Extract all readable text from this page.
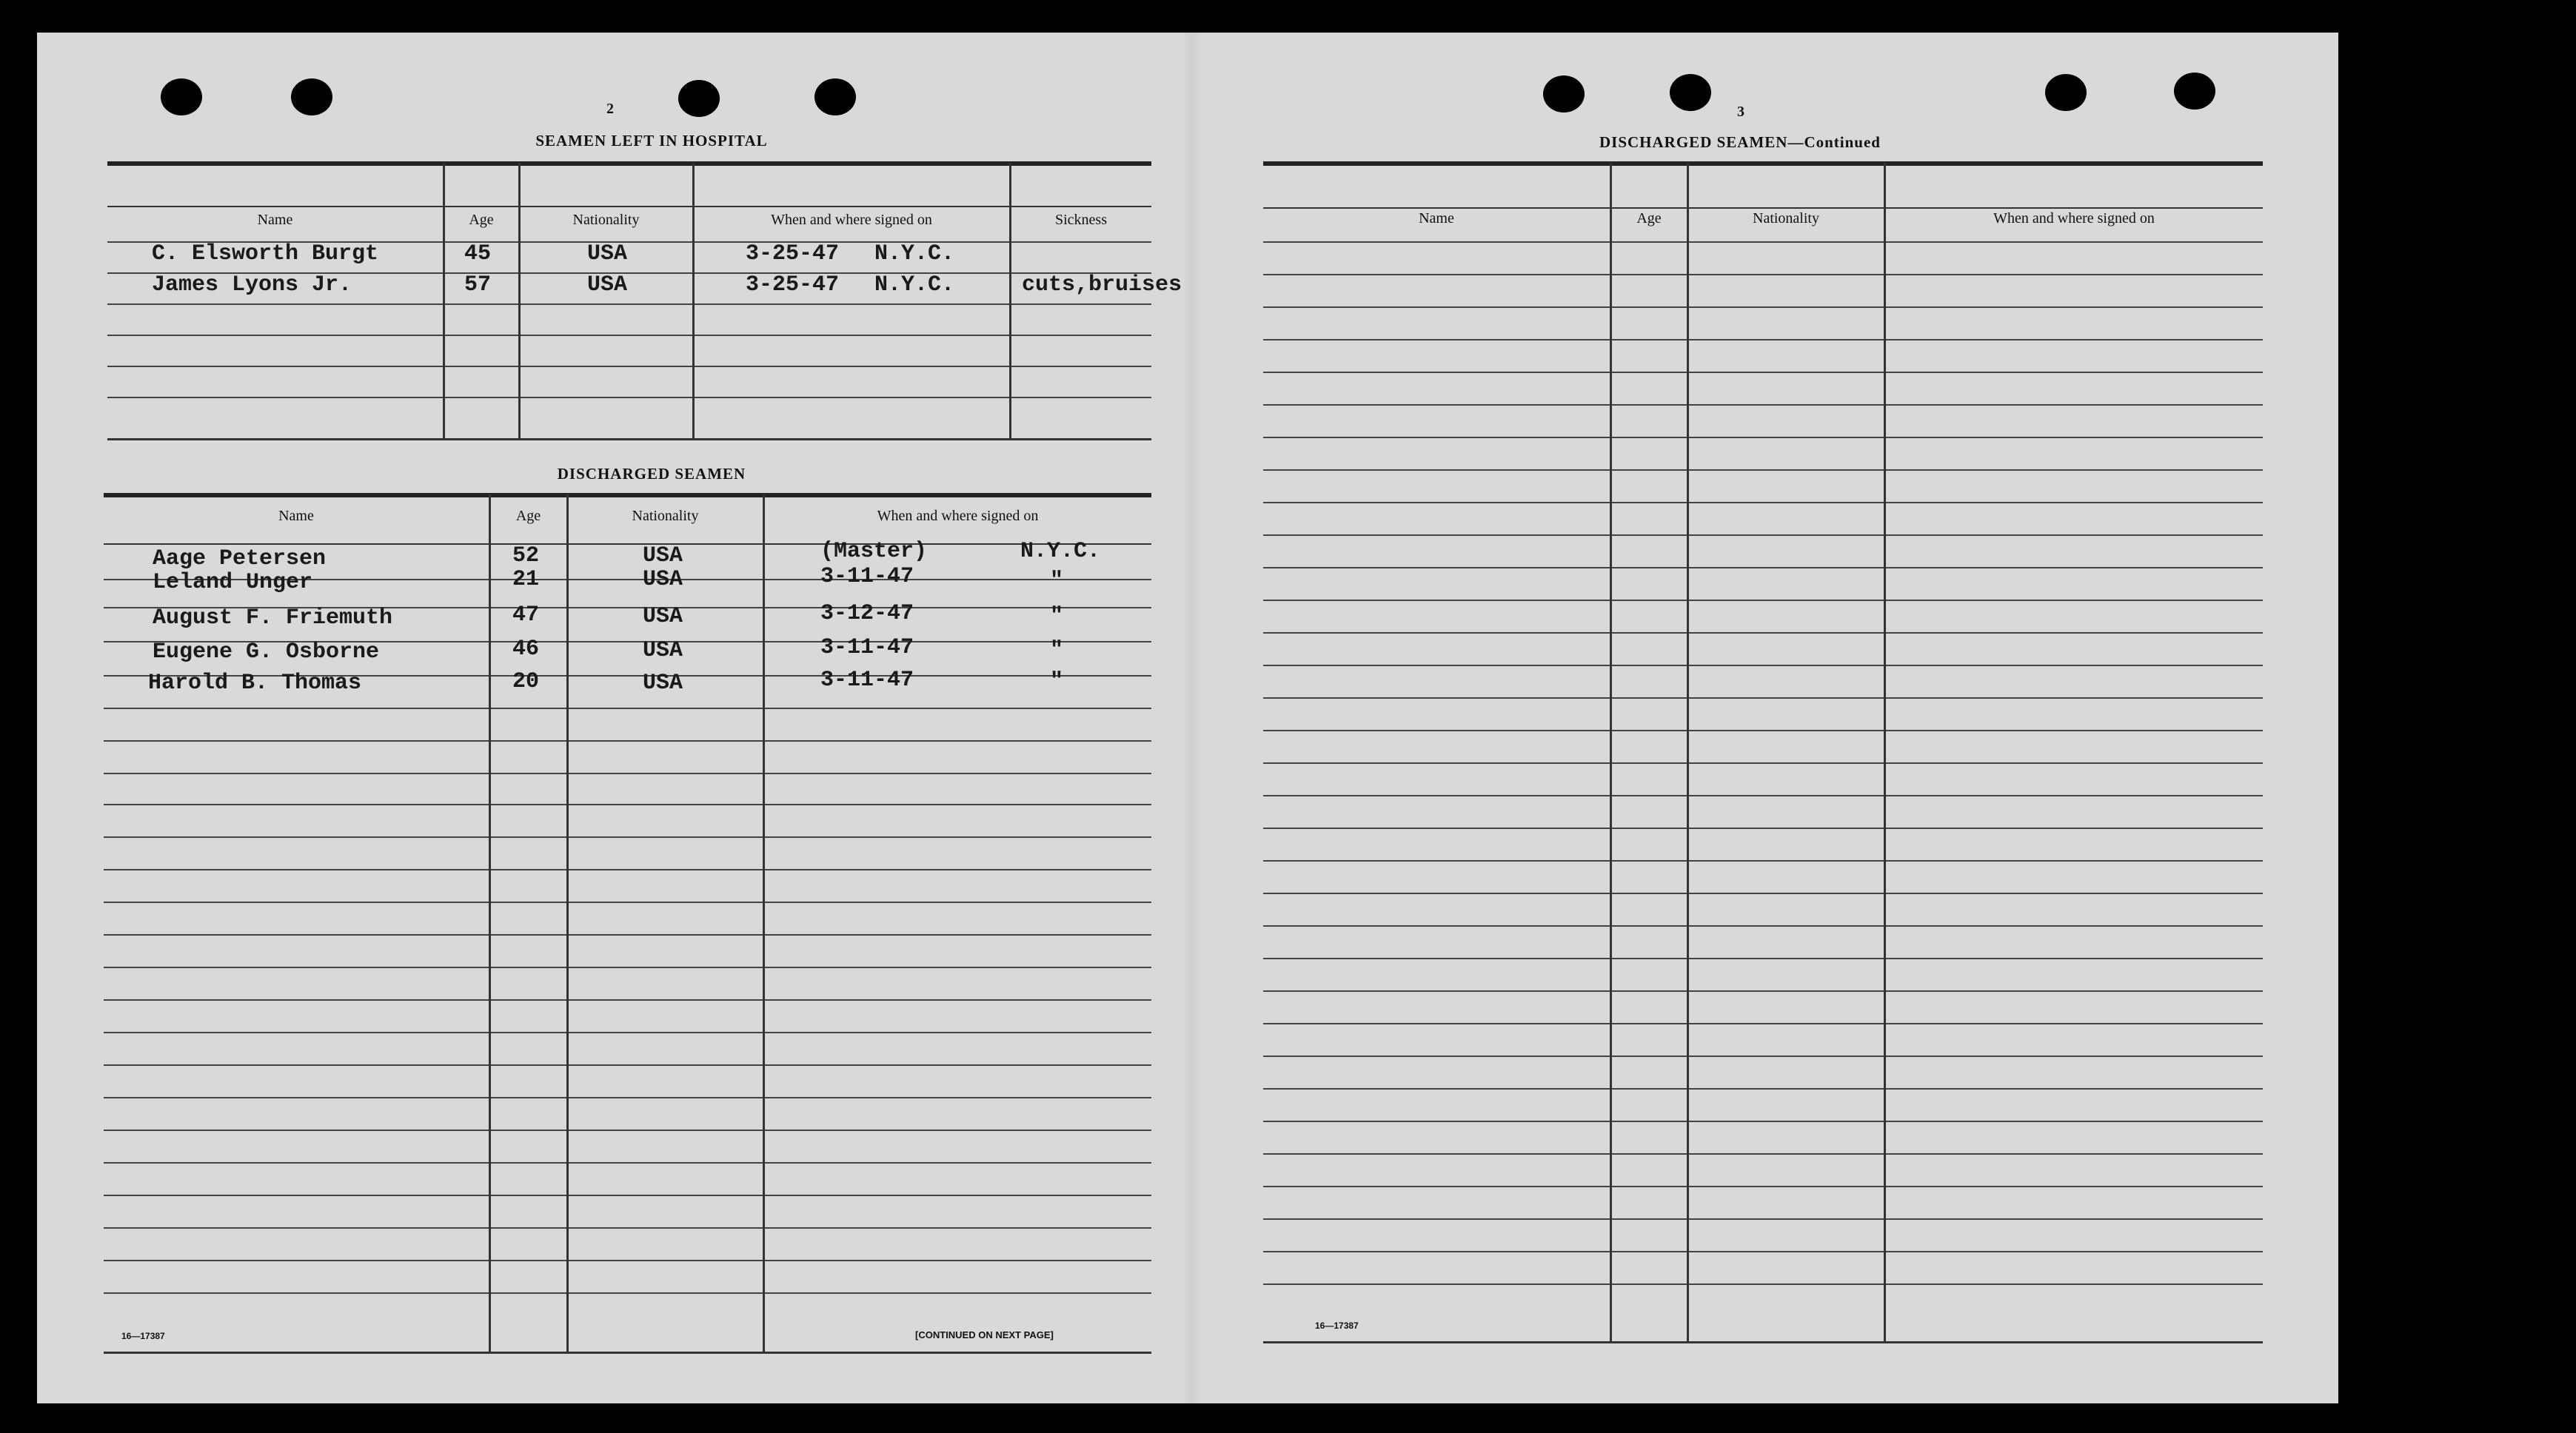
2
SEAMEN LEFT IN HOSPITAL
Name	Age	Nationality	When and where signed on	Sickness
C. Elsworth Burgt	45	USA	3-25-47 N.Y.C.
James Lyons Jr.	57	USA	3-25-47 N.Y.C.	cuts,bruises
DISCHARGED SEAMEN
Name	Age	Nationality	When and where signed on
Aage Petersen	52	USA	(Master)	N.Y.C.
Leland Unger	21	USA	3-11-47	"
August F. Friemuth	47	USA	3-12-47	"
Eugene G. Osborne	46	USA	3-11-47	"
Harold B. Thomas	20	USA	3-11-47	"
16—17387	[CONTINUED ON NEXT PAGE]
3
DISCHARGED SEAMEN—Continued
Name	Age	Nationality	When and where signed on
16—17387
